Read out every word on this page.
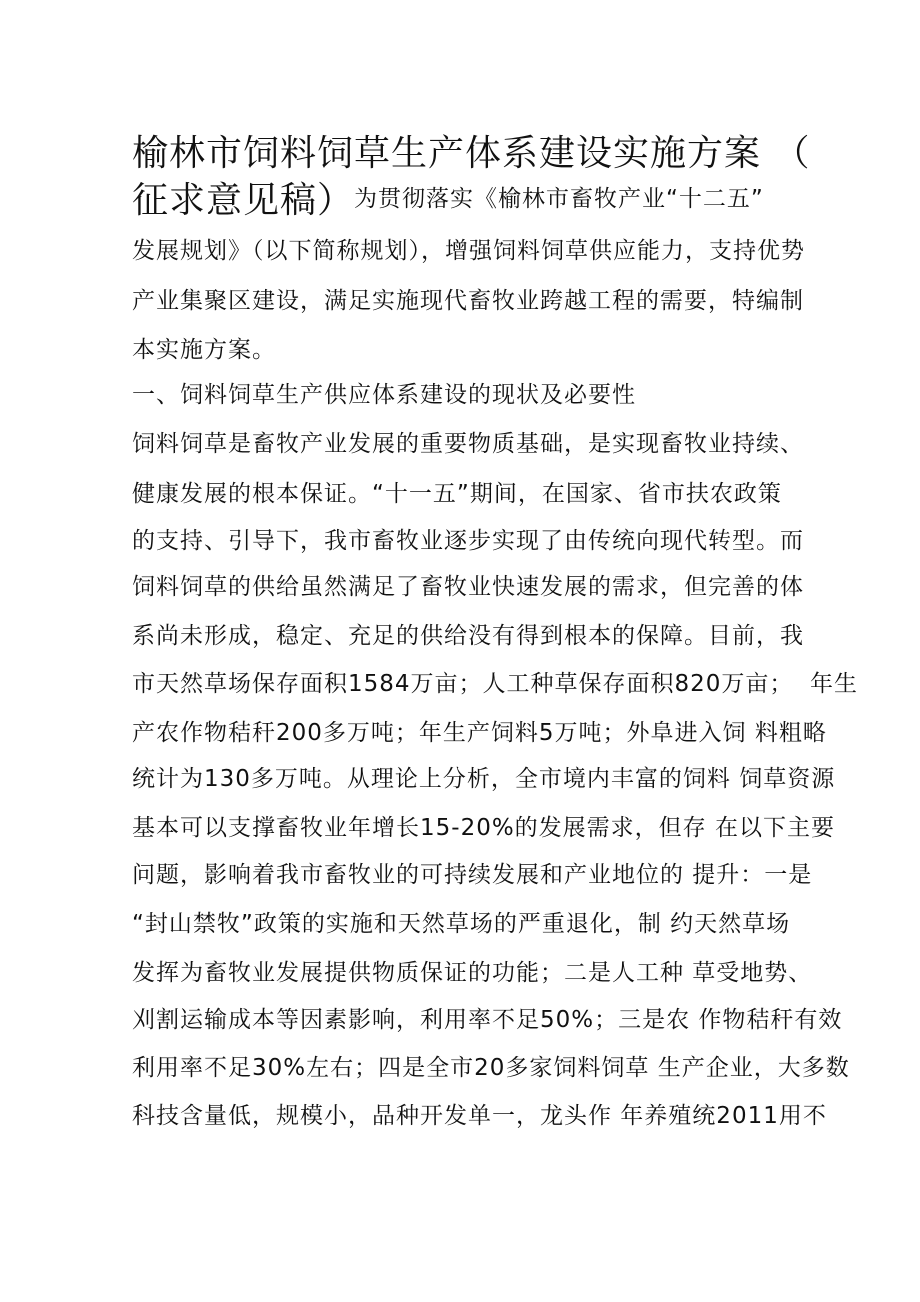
榆林市饲料饲草生产体系建设实施方案 （
征求意见稿）为贯彻落实《榆林市畜牧产业“十二五”
发展规划》（以下简称规划），增强饲料饲草供应能力，支持优势
产业集聚区建设，满足实施现代畜牧业跨越工程的需要，特编制
本实施方案。
一、饲料饲草生产供应体系建设的现状及必要性
饲料饲草是畜牧产业发展的重要物质基础，是实现畜牧业持续、
健康发展的根本保证。“十一五”期间，在国家、省市扶农政策
的支持、引导下，我市畜牧业逐步实现了由传统向现代转型。而
饲料饲草的供给虽然满足了畜牧业快速发展的需求，但完善的体
系尚未形成，稳定、充足的供给没有得到根本的保障。目前，我
市天然草场保存面积1584万亩；人工种草保存面积820万亩；  年生
产农作物秸秆200多万吨；年生产饲料5万吨；外阜进入饲 料粗略
统计为130多万吨。从理论上分析，全市境内丰富的饲料 饲草资源
基本可以支撑畜牧业年增长15-20%的发展需求，但存 在以下主要
问题，影响着我市畜牧业的可持续发展和产业地位的 提升：一是
“封山禁牧”政策的实施和天然草场的严重退化，制 约天然草场
发挥为畜牧业发展提供物质保证的功能；二是人工种 草受地势、
刈割运输成本等因素影响，利用率不足50%；三是农 作物秸秆有效
利用率不足30%左右；四是全市20多家饲料饲草 生产企业，大多数
科技含量低，规模小，品种开发单一，龙头作 年养殖统2011用不
